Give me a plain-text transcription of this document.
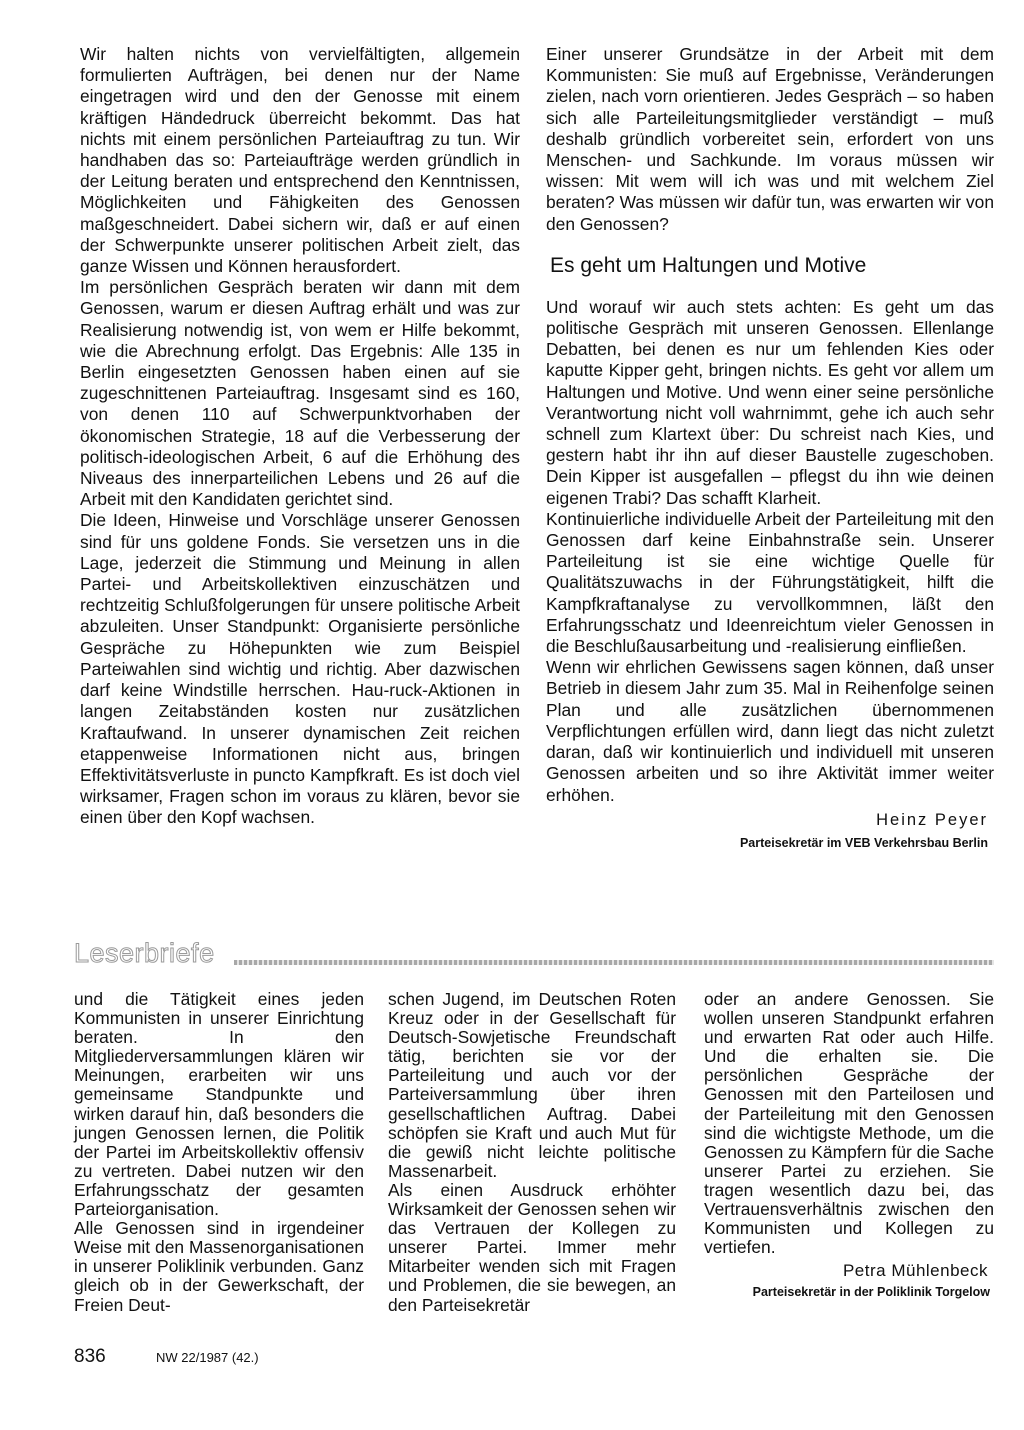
Wir halten nichts von vervielfältigten, allgemein formulierten Aufträgen, bei denen nur der Name eingetragen wird und den der Genosse mit einem kräftigen Händedruck überreicht bekommt. Das hat nichts mit einem persönlichen Parteiauftrag zu tun. Wir handhaben das so: Parteiaufträge werden gründlich in der Leitung beraten und entsprechend den Kenntnissen, Möglichkeiten und Fähigkeiten des Genossen maßgeschneidert. Dabei sichern wir, daß er auf einen der Schwerpunkte unserer politischen Arbeit zielt, das ganze Wissen und Können herausfordert.

Im persönlichen Gespräch beraten wir dann mit dem Genossen, warum er diesen Auftrag erhält und was zur Realisierung notwendig ist, von wem er Hilfe bekommt, wie die Abrechnung erfolgt. Das Ergebnis: Alle 135 in Berlin eingesetzten Genossen haben einen auf sie zugeschnittenen Parteiauftrag. Insgesamt sind es 160, von denen 110 auf Schwerpunktvorhaben der ökonomischen Strategie, 18 auf die Verbesserung der politisch-ideologischen Arbeit, 6 auf die Erhöhung des Niveaus des innerparteilichen Lebens und 26 auf die Arbeit mit den Kandidaten gerichtet sind.

Die Ideen, Hinweise und Vorschläge unserer Genossen sind für uns goldene Fonds. Sie versetzen uns in die Lage, jederzeit die Stimmung und Meinung in allen Partei- und Arbeitskollektiven einzuschätzen und rechtzeitig Schlußfolgerungen für unsere politische Arbeit abzuleiten. Unser Standpunkt: Organisierte persönliche Gespräche zu Höhepunkten wie zum Beispiel Parteiwahlen sind wichtig und richtig. Aber dazwischen darf keine Windstille herrschen. Hau-ruck-Aktionen in langen Zeitabständen kosten nur zusätzlichen Kraftaufwand. In unserer dynamischen Zeit reichen etappenweise Informationen nicht aus, bringen Effektivitätsverluste in puncto Kampfkraft. Es ist doch viel wirksamer, Fragen schon im voraus zu klären, bevor sie einen über den Kopf wachsen.

Einer unserer Grundsätze in der Arbeit mit dem Kommunisten: Sie muß auf Ergebnisse, Veränderungen zielen, nach vorn orientieren. Jedes Gespräch – so haben sich alle Parteileitungsmitglieder verständigt – muß deshalb gründlich vorbereitet sein, erfordert von uns Menschen- und Sachkunde. Im voraus müssen wir wissen: Mit wem will ich was und mit welchem Ziel beraten? Was müssen wir dafür tun, was erwarten wir von den Genossen?

Es geht um Haltungen und Motive

Und worauf wir auch stets achten: Es geht um das politische Gespräch mit unseren Genossen. Ellenlange Debatten, bei denen es nur um fehlenden Kies oder kaputte Kipper geht, bringen nichts. Es geht vor allem um Haltungen und Motive. Und wenn einer seine persönliche Verantwortung nicht voll wahrnimmt, gehe ich auch sehr schnell zum Klartext über: Du schreist nach Kies, und gestern habt ihr ihn auf dieser Baustelle zugeschoben. Dein Kipper ist ausgefallen – pflegst du ihn wie deinen eigenen Trabi? Das schafft Klarheit.

Kontinuierliche individuelle Arbeit der Parteileitung mit den Genossen darf keine Einbahnstraße sein. Unserer Parteileitung ist sie eine wichtige Quelle für Qualitätszuwachs in der Führungstätigkeit, hilft die Kampfkraftanalyse zu vervollkommnen, läßt den Erfahrungsschatz und Ideenreichtum vieler Genossen in die Beschlußausarbeitung und -realisierung einfließen.

Wenn wir ehrlichen Gewissens sagen können, daß unser Betrieb in diesem Jahr zum 35. Mal in Reihenfolge seinen Plan und alle zusätzlichen übernommenen Verpflichtungen erfüllen wird, dann liegt das nicht zuletzt daran, daß wir kontinuierlich und individuell mit unseren Genossen arbeiten und so ihre Aktivität immer weiter erhöhen.

Heinz Peyer
Parteisekretär im VEB Verkehrsbau Berlin
Leserbriefe

und die Tätigkeit eines jeden Kommunisten in unserer Einrichtung beraten. In den Mitgliederversammlungen klären wir Meinungen, erarbeiten wir uns gemeinsame Standpunkte und wirken darauf hin, daß besonders die jungen Genossen lernen, die Politik der Partei im Arbeitskollektiv offensiv zu vertreten. Dabei nutzen wir den Erfahrungsschatz der gesamten Parteiorganisation.

Alle Genossen sind in irgendeiner Weise mit den Massenorganisationen in unserer Poliklinik verbunden. Ganz gleich ob in der Gewerkschaft, der Freien Deut-

schen Jugend, im Deutschen Roten Kreuz oder in der Gesellschaft für Deutsch-Sowjetische Freundschaft tätig, berichten sie vor der Parteileitung und auch vor der Parteiversammlung über ihren gesellschaftlichen Auftrag. Dabei schöpfen sie Kraft und auch Mut für die gewiß nicht leichte politische Massenarbeit.

Als einen Ausdruck erhöhter Wirksamkeit der Genossen sehen wir das Vertrauen der Kollegen zu unserer Partei. Immer mehr Mitarbeiter wenden sich mit Fragen und Problemen, die sie bewegen, an den Parteisekretär

oder an andere Genossen. Sie wollen unseren Standpunkt erfahren und erwarten Rat oder auch Hilfe. Und die erhalten sie. Die persönlichen Gespräche der Genossen mit den Parteilosen und der Parteileitung mit den Genossen sind die wichtigste Methode, um die Genossen zu Kämpfern für die Sache unserer Partei zu erziehen. Sie tragen wesentlich dazu bei, das Vertrauensverhältnis zwischen den Kommunisten und Kollegen zu vertiefen.

Petra Mühlenbeck
Parteisekretär in der Poliklinik Torgelow
836	NW 22/1987 (42.)
